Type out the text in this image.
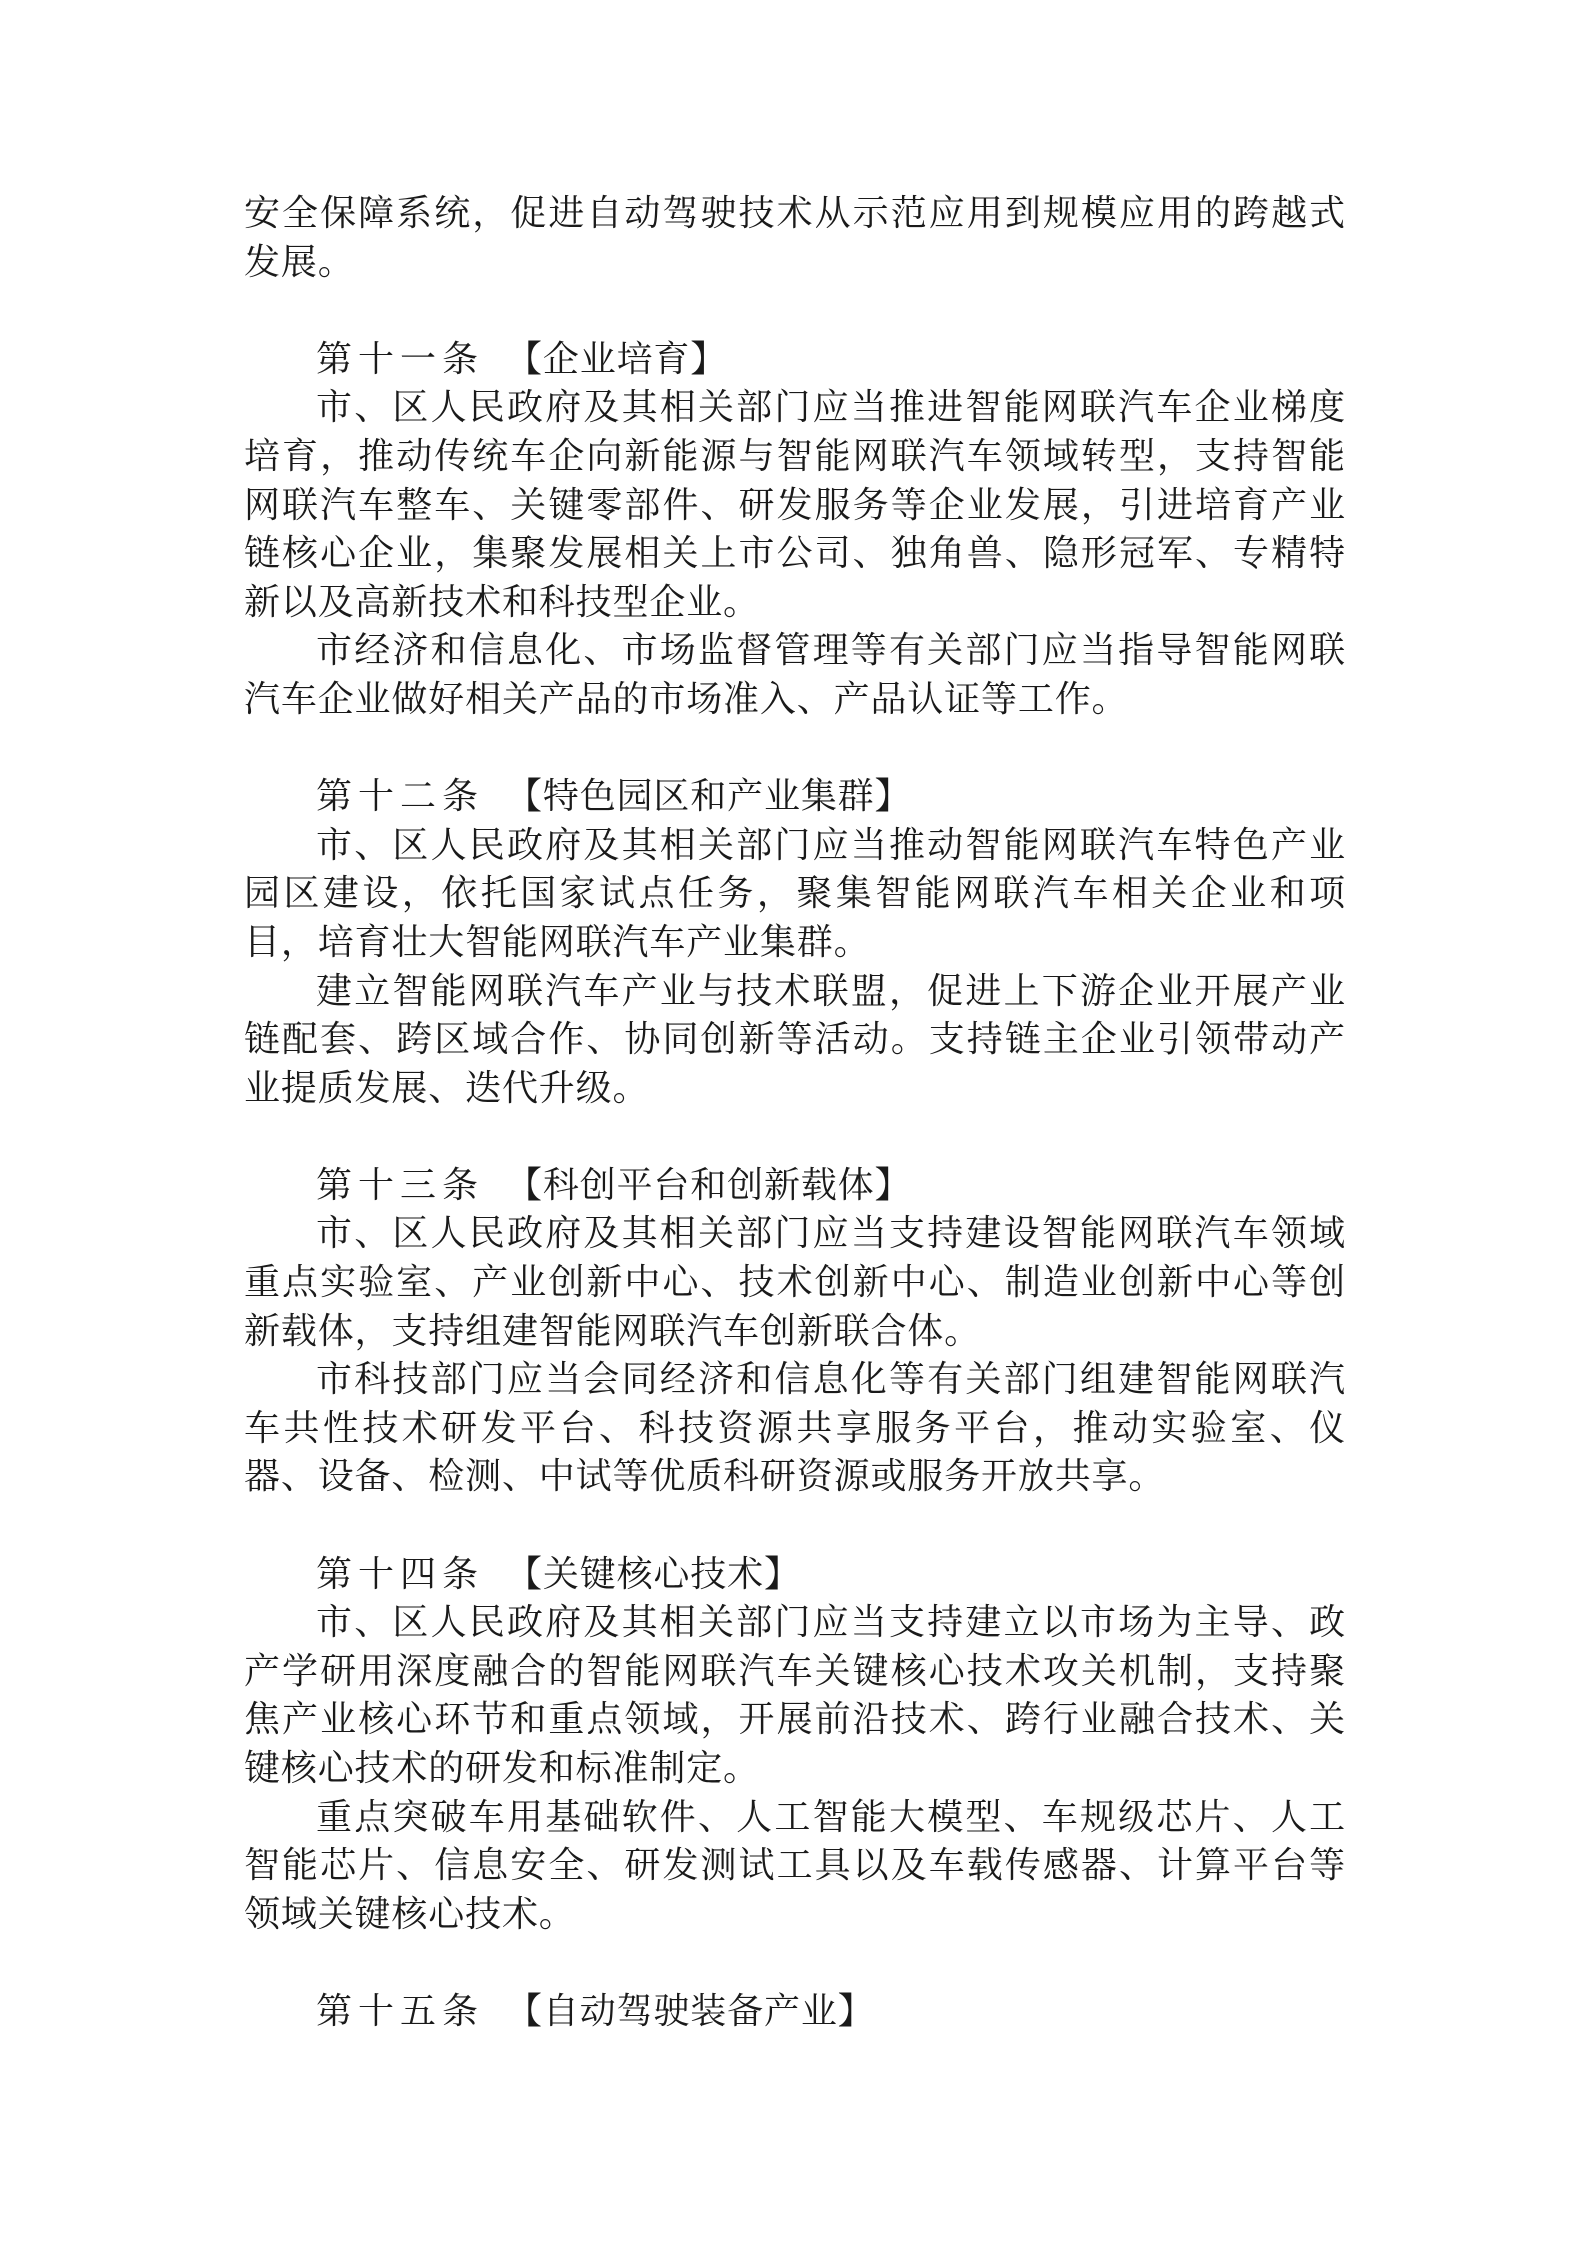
安全保障系统，促进自动驾驶技术从示范应用到规模应用的跨越式发展。

第十一条 【企业培育】

市、区人民政府及其相关部门应当推进智能网联汽车企业梯度培育，推动传统车企向新能源与智能网联汽车领域转型，支持智能网联汽车整车、关键零部件、研发服务等企业发展，引进培育产业链核心企业，集聚发展相关上市公司、独角兽、隐形冠军、专精特新以及高新技术和科技型企业。

市经济和信息化、市场监督管理等有关部门应当指导智能网联汽车企业做好相关产品的市场准入、产品认证等工作。

第十二条 【特色园区和产业集群】

市、区人民政府及其相关部门应当推动智能网联汽车特色产业园区建设，依托国家试点任务，聚集智能网联汽车相关企业和项目，培育壮大智能网联汽车产业集群。

建立智能网联汽车产业与技术联盟，促进上下游企业开展产业链配套、跨区域合作、协同创新等活动。支持链主企业引领带动产业提质发展、迭代升级。

第十三条 【科创平台和创新载体】

市、区人民政府及其相关部门应当支持建设智能网联汽车领域重点实验室、产业创新中心、技术创新中心、制造业创新中心等创新载体，支持组建智能网联汽车创新联合体。

市科技部门应当会同经济和信息化等有关部门组建智能网联汽车共性技术研发平台、科技资源共享服务平台，推动实验室、仪器、设备、检测、中试等优质科研资源或服务开放共享。

第十四条 【关键核心技术】

市、区人民政府及其相关部门应当支持建立以市场为主导、政产学研用深度融合的智能网联汽车关键核心技术攻关机制，支持聚焦产业核心环节和重点领域，开展前沿技术、跨行业融合技术、关键核心技术的研发和标准制定。

重点突破车用基础软件、人工智能大模型、车规级芯片、人工智能芯片、信息安全、研发测试工具以及车载传感器、计算平台等领域关键核心技术。

第十五条 【自动驾驶装备产业】
